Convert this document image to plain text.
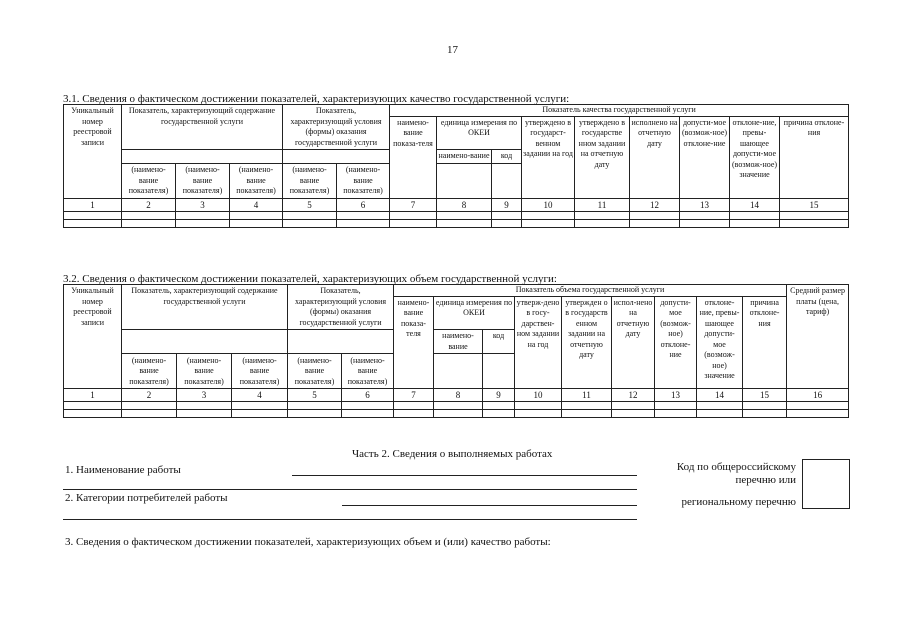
17
3.1. Сведения о фактическом достижении показателей, характеризующих качество государственной услуги:
Уникальный номер реестровой записи	Показатель, характеризующий содержание государственной услуги			Показатель, характеризующий условия (формы) оказания государственной услуги		Показатель качества государственной услуги								
						наимено-вание показа-теля	единица измерения по ОКЕИ		утверждено в государст-венном задании на год	утверждено в государстве нном задании на отчетную дату	исполнено на отчетную дату	допусти-мое (возмож-ное) отклоне-ние	отклоне-ние, превы-шающее допусти-мое (возмож-ное) значение	причина отклоне-ния
							наимено-вание	код						
	(наимено-вание показателя)	(наимено-вание показателя)	(наимено-вание показателя)	(наимено-вание показателя)	(наимено-вание показателя)									
1	2	3	4	5	6	7	8	9	10	11	12	13	14	15

3.2. Сведения о фактическом достижении показателей, характеризующих объем государственной услуги:
Уникальный номер реестровой записи	Показатель, характеризующий содержание государственной услуги			Показатель, характеризующий условия (формы) оказания государственной услуги		Показатель объема государственной услуги									Средний размер платы (цена, тариф)
						наимено-вание показа-теля	единица измерения по ОКЕИ		утверж-дено в госу-дарствен-ном задании на год	утвержден о в государств енном задании на отчетную дату	испол-нено на отчетную дату	допусти-мое (возмож-ное) отклоне-ние	отклоне-ние, превы-шающее допусти-мое (возмож-ное) значение	причина отклоне-ния	
							наимено-вание	код							
	(наимено-вание показателя)	(наимено-вание показателя)	(наимено-вание показателя)	(наимено-вание показателя)	(наимено-вание показателя)										
1	2	3	4	5	6	7	8	9	10	11	12	13	14	15	16

Часть 2. Сведения о выполняемых работах
1. Наименование работы
2. Категории потребителей работы
Код по общероссийскому
перечню или
региональному перечню
3. Сведения о фактическом достижении показателей, характеризующих объем и (или) качество работы:
